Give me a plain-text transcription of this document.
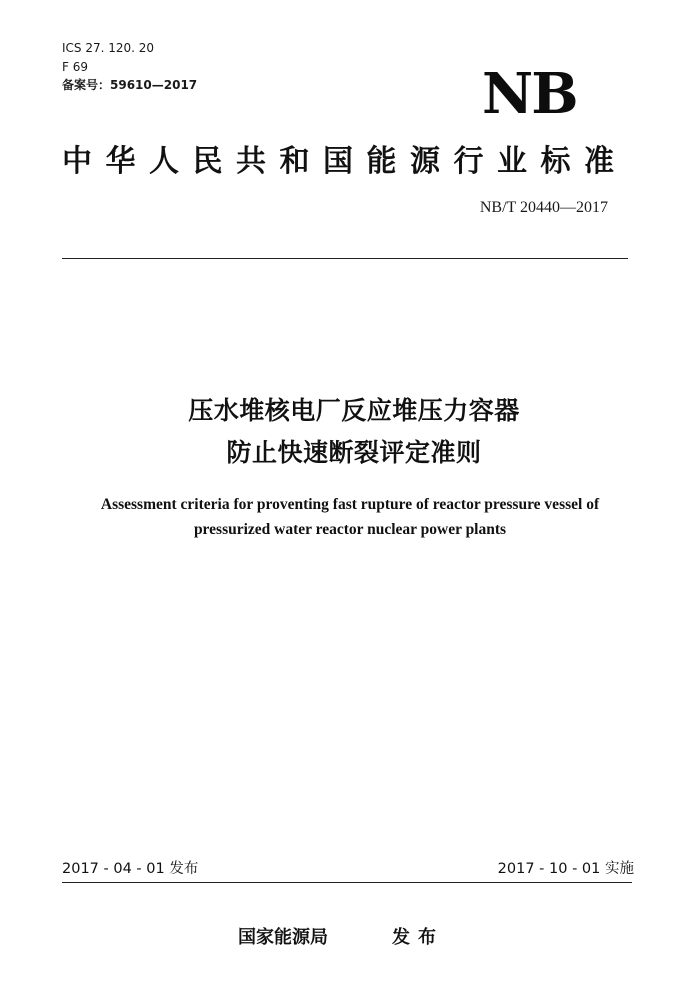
ICS 27. 120. 20
F 69
备案号：59610—2017	NB
中华人民共和国能源行业标准
NB/T 20440—2017
压水堆核电厂反应堆压力容器
防止快速断裂评定准则
Assessment criteria for proventing fast rupture of reactor pressure vessel of
pressurized water reactor nuclear power plants
2017 - 04 - 01 发布	2017 - 10 - 01 实施
国家能源局	发布
